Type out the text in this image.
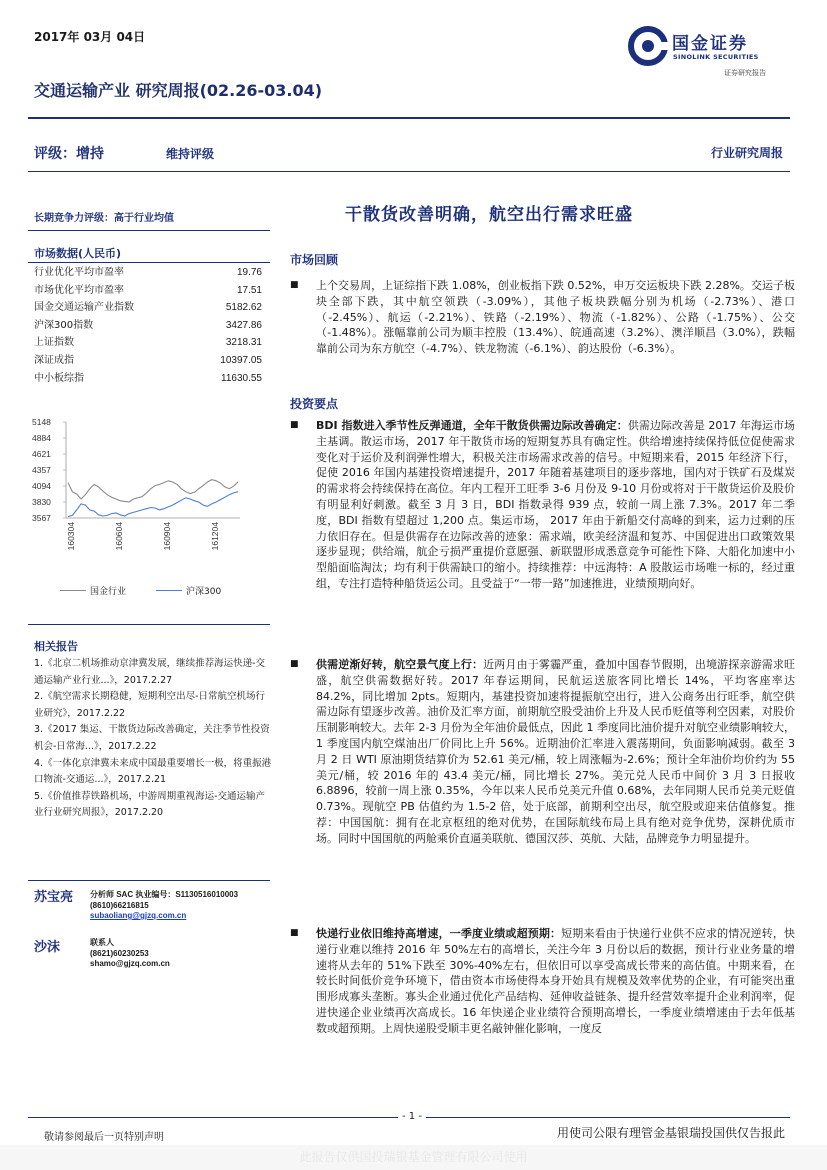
2017年 03月 04日
交通运输产业 研究周报(02.26-03.04)
国金证券
SINOLINK SECURITIES
证券研究报告
评级：增持	维持评级	行业研究周报
长期竞争力评级：高于行业均值
市场数据(人民币)
行业优化平均市盈率	19.76
市场优化平均市盈率	17.51
国金交通运输产业指数	5182.62
沪深300指数	3427.86
上证指数	3218.31
深证成指	10397.05
中小板综指	11630.55
5148
4884
4621
4357
4094
3830
3567
160304	160604	160904	161204
国金行业	沪深300
相关报告
1.《北京二机场推动京津冀发展，继续推荐海运快递-交通运输产业行业...》，2017.2.27
2.《航空需求长期稳健，短期利空出尽-日常航空机场行业研究》，2017.2.22
3.《2017 集运、干散货边际改善确定，关注季节性投资机会-日常海...》，2017.2.22
4.《一体化京津冀未来成中国最重要增长一极，将重振港口物流-交通运...》，2017.2.21
5.《价值推荐铁路机场，中游周期重视海运-交通运输产业行业研究周报》，2017.2.20
苏宝亮 分析师 SAC 执业编号：S1130516010003
(8610)66216815
subaoliang@gjzq.com.cn
沙沫	联系人
(8621)60230253
shamo@gjzq.com.cn
干散货改善明确，航空出行需求旺盛
市场回顾
■ 上个交易周，上证综指下跌 1.08%，创业板指下跌 0.52%，申万交运板块下跌 2.28%。交运子板块全部下跌，其中航空领跌（-3.09%），其他子板块跌幅分别为机场（-2.73%）、港口（-2.45%）、航运（-2.21%）、铁路（-2.19%）、物流（-1.82%）、公路（-1.75%）、公交（-1.48%）。涨幅靠前公司为顺丰控股（13.4%）、皖通高速（3.2%）、澳洋顺昌（3.0%），跌幅靠前公司为东方航空（-4.7%）、铁龙物流（-6.1%）、韵达股份（-6.3%）。
投资要点
■ BDI 指数进入季节性反弹通道，全年干散货供需边际改善确定：供需边际改善是 2017 年海运市场主基调。散运市场，2017 年干散货市场的短期复苏具有确定性。供给增速持续保持低位促使需求变化对于运价及利润弹性增大，积极关注市场需求改善的信号。中短期来看，2015 年经济下行，促使 2016 年国内基建投资增速提升，2017 年随着基建项目的逐步落地，国内对于铁矿石及煤炭的需求将会持续保持在高位。年内工程开工旺季 3-6 月份及 9-10 月份或将对于干散货运价及股价有明显利好刺激。截至 3 月 3 日，BDI 指数录得 939 点，较前一周上涨 7.3%。2017 年二季度，BDI 指数有望超过 1,200 点。集运市场， 2017 年由于新船交付高峰的到来，运力过剩的压力依旧存在。但是供需存在边际改善的迹象：需求端，欧美经济温和复苏、中国促进出口政策效果逐步显现；供给端，航企亏损严重提价意愿强、新联盟形成悉意竞争可能性下降、大船化加速中小型船面临淘汰；均有利于供需缺口的缩小。持续推荐：中远海特：A 股散运市场唯一标的，经过重组，专注打造特种船货运公司。且受益于“一带一路”加速推进，业绩预期向好。
■ 供需逆渐好转，航空景气度上行：近两月由于雾霾严重，叠加中国春节假期，出境游探亲游需求旺盛，航空供需数据好转。2017 年春运期间，民航运送旅客同比增长 14%，平均客座率达 84.2%，同比增加 2pts。短期内，基建投资加速将提振航空出行，进入公商务出行旺季，航空供需边际有望逐步改善。油价及汇率方面，前期航空股受油价上升及人民币贬值等利空因素，对股价压制影响较大。去年 2-3 月份为全年油价最低点，因此 1 季度同比油价提升对航空业绩影响较大，1 季度国内航空煤油出厂价同比上升 56%。近期油价汇率进入震荡期间，负面影响减弱。截至 3 月 2 日 WTI 原油期货结算价为 52.61 美元/桶，较上周涨幅为-2.6%；预计全年油价均价约为 55 美元/桶，较 2016 年的 43.4 美元/桶，同比增长 27%。美元兑人民币中间价 3 月 3 日报收 6.8896，较前一周上涨 0.35%，今年以来人民币兑美元升值 0.68%，去年同期人民币兑美元贬值 0.73%。现航空 PB 估值约为 1.5-2 倍，处于底部，前期利空出尽，航空股或迎来估值修复。推荐：中国国航：拥有在北京枢纽的绝对优势，在国际航线布局上具有绝对竞争优势，深耕优质市场。同时中国国航的两舱乘价直逼美联航、德国汉莎、英航、大陆，品牌竞争力明显提升。
■ 快递行业依旧维持高增速，一季度业绩或超预期：短期来看由于快递行业供不应求的情况逆转，快递行业难以维持 2016 年 50%左右的高增长，关注今年 3 月份以后的数据，预计行业业务量的增速将从去年的 51%下跌至 30%-40%左右，但依旧可以享受高成长带来的高估值。中期来看，在较长时间低价竞争环境下，借由资本市场使得本身开始具有规模及效率优势的企业，有可能突出重围形成寡头垄断。寡头企业通过优化产品结构、延伸收益链条、提升经营效率提升企业利润率，促进快递企业业绩再次高成长。16 年快递企业业绩符合预期高增长，一季度业绩增速由于去年低基数或超预期。上周快递股受顺丰更名敲钟催化影响，一度反
- 1 -
敬请参阅最后一页特别声明	用使司公限有理管金基银瑞投国供仅告报此
此报告仅供国投瑞银基金管理有限公司使用
